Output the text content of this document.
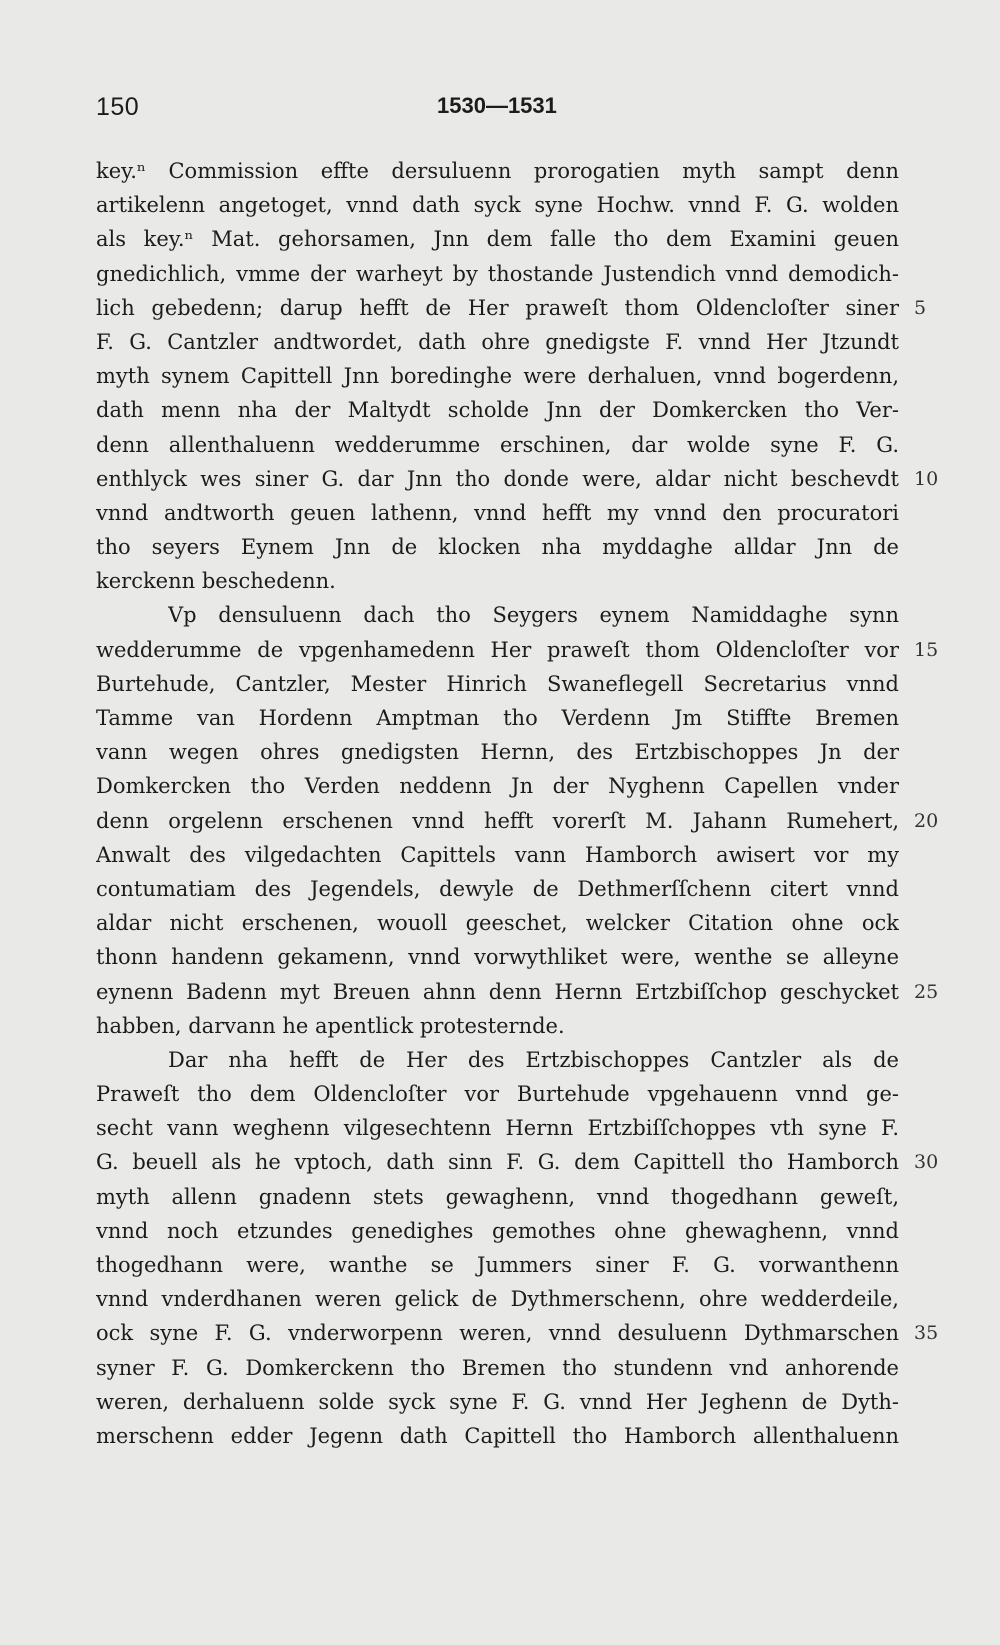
150	1530—1531
key.ⁿ Commission effte dersuluenn prorogatien myth sampt denn
artikelenn angetoget, vnnd dath syck syne Hochw. vnnd F. G. wolden
als key.ⁿ Mat. gehorsamen, Jnn dem falle tho dem Examini geuen
gnedichlich, vmme der warheyt by thostande Justendich vnnd demodich-
lich gebedenn; darup hefft de Her praweſt thom Oldencloſter siner 5
F. G. Cantzler andtwordet, dath ohre gnedigste F. vnnd Her Jtzundt
myth synem Capittell Jnn boredinghe were derhaluen, vnnd bogerdenn,
dath menn nha der Maltydt scholde Jnn der Domkercken tho Ver-
denn allenthaluenn wedderumme erschinen, dar wolde syne F. G.
enthlyck wes siner G. dar Jnn tho donde were, aldar nicht beschevdt 10
vnnd andtworth geuen lathenn, vnnd hefft my vnnd den procuratori
tho seyers Eynem Jnn de klocken nha myddaghe alldar Jnn de
kerckenn beschedenn.
Vp densuluenn dach tho Seygers eynem Namiddaghe synn
wedderumme de vpgenhamedenn Her praweſt thom Oldencloſter vor 15
Burtehude, Cantzler, Mester Hinrich Swaneflegell Secretarius vnnd
Tamme van Hordenn Amptman tho Verdenn Jm Stiffte Bremen
vann wegen ohres gnedigsten Hernn, des Ertzbischoppes Jn der
Domkercken tho Verden neddenn Jn der Nyghenn Capellen vnder
denn orgelenn erschenen vnnd hefft vorerſt M. Jahann Rumehert, 20
Anwalt des vilgedachten Capittels vann Hamborch awisert vor my
contumatiam des Jegendels, dewyle de Dethmerſſchenn citert vnnd
aldar nicht erschenen, wouoll geeschet, welcker Citation ohne ock
thonn handenn gekamenn, vnnd vorwythliket were, wenthe se alleyne
eynenn Badenn myt Breuen ahnn denn Hernn Ertzbiſſchop geschycket 25
habben, darvann he apentlick protesternde.
Dar nha hefft de Her des Ertzbischoppes Cantzler als de
Praweſt tho dem Oldencloſter vor Burtehude vpgehauenn vnnd ge-
secht vann weghenn vilgesechtenn Hernn Ertzbiſſchoppes vth syne F.
G. beuell als he vptoch, dath sinn F. G. dem Capittell tho Hamborch 30
myth allenn gnadenn stets gewaghenn, vnnd thogedhann geweſt,
vnnd noch etzundes genedighes gemothes ohne ghewaghenn, vnnd
thogedhann were, wanthe se Jummers siner F. G. vorwanthenn
vnnd vnderdhanen weren gelick de Dythmerschenn, ohre wedderdeile,
ock syne F. G. vnderworpenn weren, vnnd desuluenn Dythmarschen 35
syner F. G. Domkerckenn tho Bremen tho stundenn vnd anhorende
weren, derhaluenn solde syck syne F. G. vnnd Her Jeghenn de Dyth-
merschenn edder Jegenn dath Capittell tho Hamborch allenthaluenn
